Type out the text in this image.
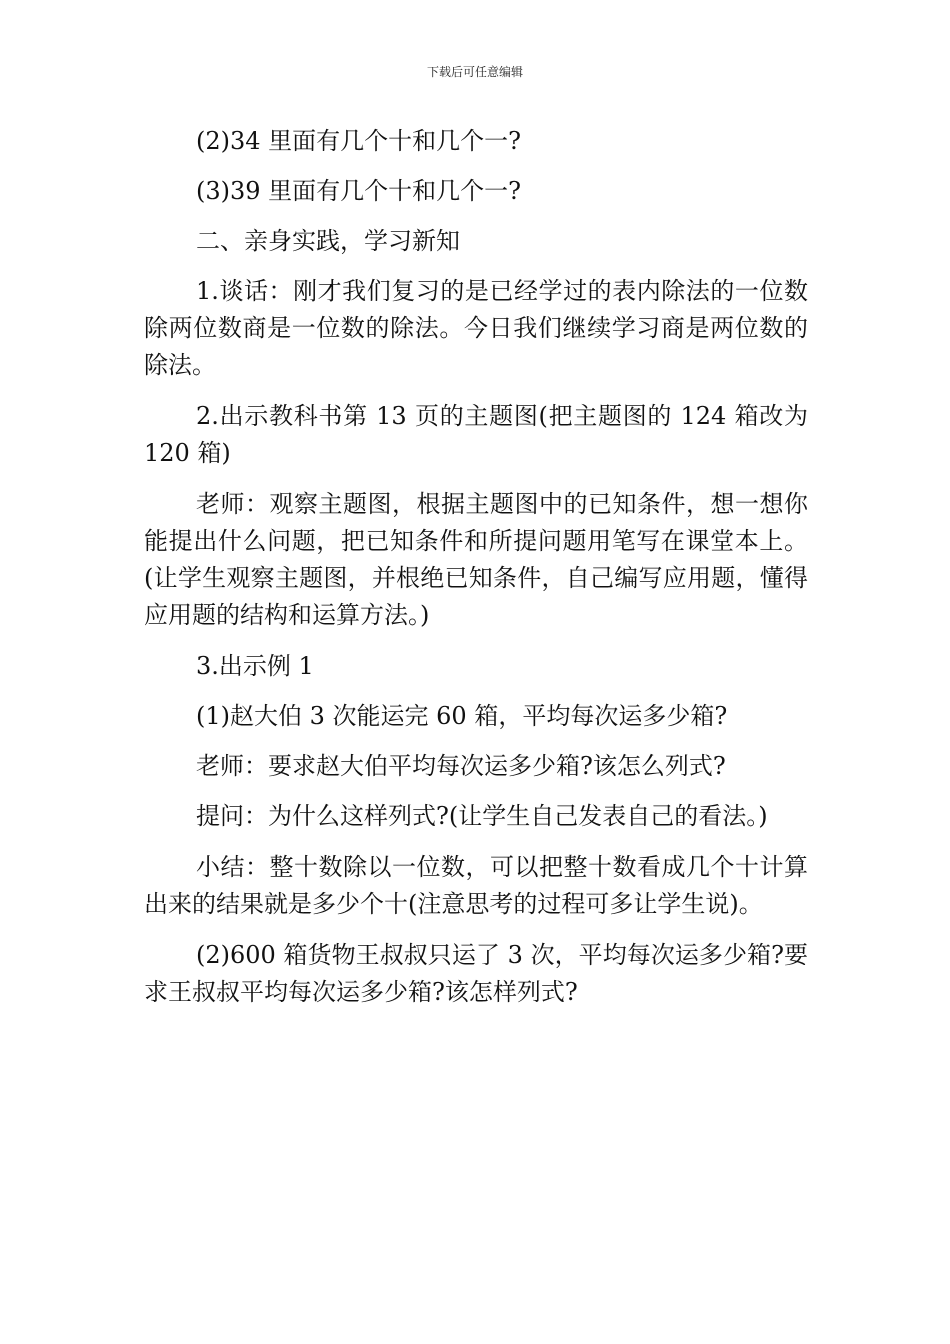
下载后可任意编辑

(2)34 里面有几个十和几个一?

(3)39 里面有几个十和几个一?

二、亲身实践，学习新知

1.谈话：刚才我们复习的是已经学过的表内除法的一位数除两位数商是一位数的除法。今日我们继续学习商是两位数的除法。

2.出示教科书第 13 页的主题图(把主题图的 124 箱改为 120 箱)

老师：观察主题图，根据主题图中的已知条件，想一想你能提出什么问题，把已知条件和所提问题用笔写在课堂本上。(让学生观察主题图，并根绝已知条件，自己编写应用题，懂得应用题的结构和运算方法。)

3.出示例 1

(1)赵大伯 3 次能运完 60 箱，平均每次运多少箱?

老师：要求赵大伯平均每次运多少箱?该怎么列式?

提问：为什么这样列式?(让学生自己发表自己的看法。)

小结：整十数除以一位数，可以把整十数看成几个十计算出来的结果就是多少个十(注意思考的过程可多让学生说)。

(2)600 箱货物王叔叔只运了 3 次，平均每次运多少箱?要求王叔叔平均每次运多少箱?该怎样列式?
